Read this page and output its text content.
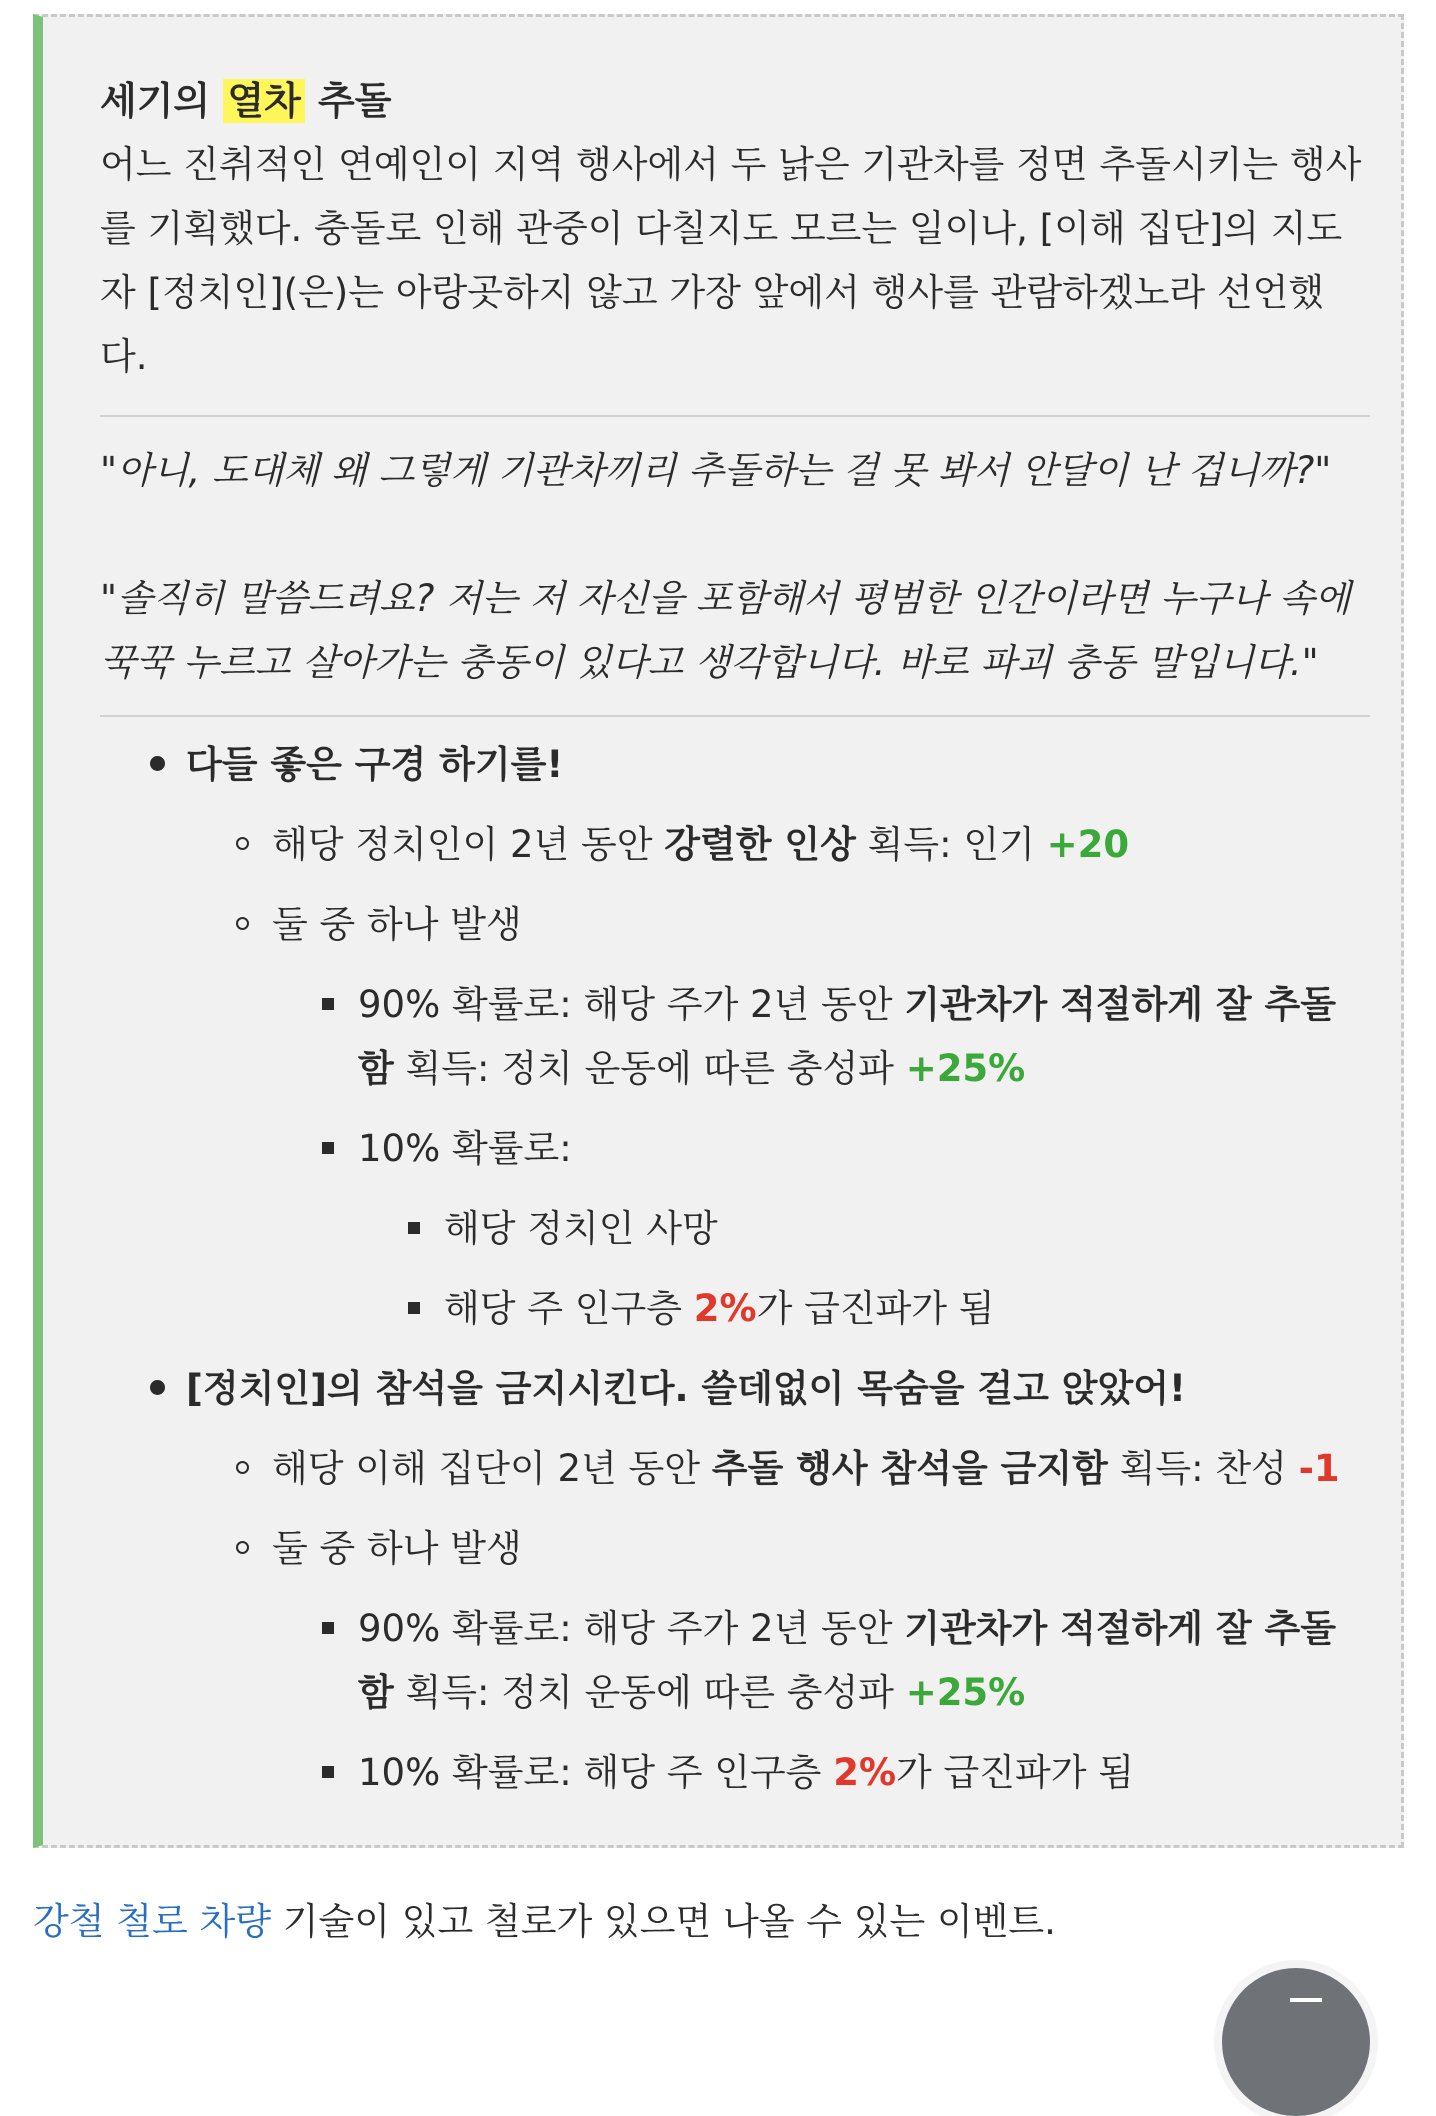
세기의 열차 추돌

어느 진취적인 연예인이 지역 행사에서 두 낡은 기관차를 정면 추돌시키는 행사를 기획했다. 충돌로 인해 관중이 다칠지도 모르는 일이나, [이해 집단]의 지도자 [정치인](은)는 아랑곳하지 않고 가장 앞에서 행사를 관람하겠노라 선언했다.

"아니, 도대체 왜 그렇게 기관차끼리 추돌하는 걸 못 봐서 안달이 난 겁니까?"

"솔직히 말씀드려요? 저는 저 자신을 포함해서 평범한 인간이라면 누구나 속에 꾹꾹 누르고 살아가는 충동이 있다고 생각합니다. 바로 파괴 충동 말입니다."

다들 좋은 구경 하기를!
해당 정치인이 2년 동안 강렬한 인상 획득: 인기 +20
둘 중 하나 발생
90% 확률로: 해당 주가 2년 동안 기관차가 적절하게 잘 추돌함 획득: 정치 운동에 따른 충성파 +25%
10% 확률로:
해당 정치인 사망
해당 주 인구층 2%가 급진파가 됨
[정치인]의 참석을 금지시킨다. 쓸데없이 목숨을 걸고 앉았어!
해당 이해 집단이 2년 동안 추돌 행사 참석을 금지함 획득: 찬성 -1
둘 중 하나 발생
90% 확률로: 해당 주가 2년 동안 기관차가 적절하게 잘 추돌함 획득: 정치 운동에 따른 충성파 +25%
10% 확률로: 해당 주 인구층 2%가 급진파가 됨
강철 철로 차량 기술이 있고 철로가 있으면 나올 수 있는 이벤트.
